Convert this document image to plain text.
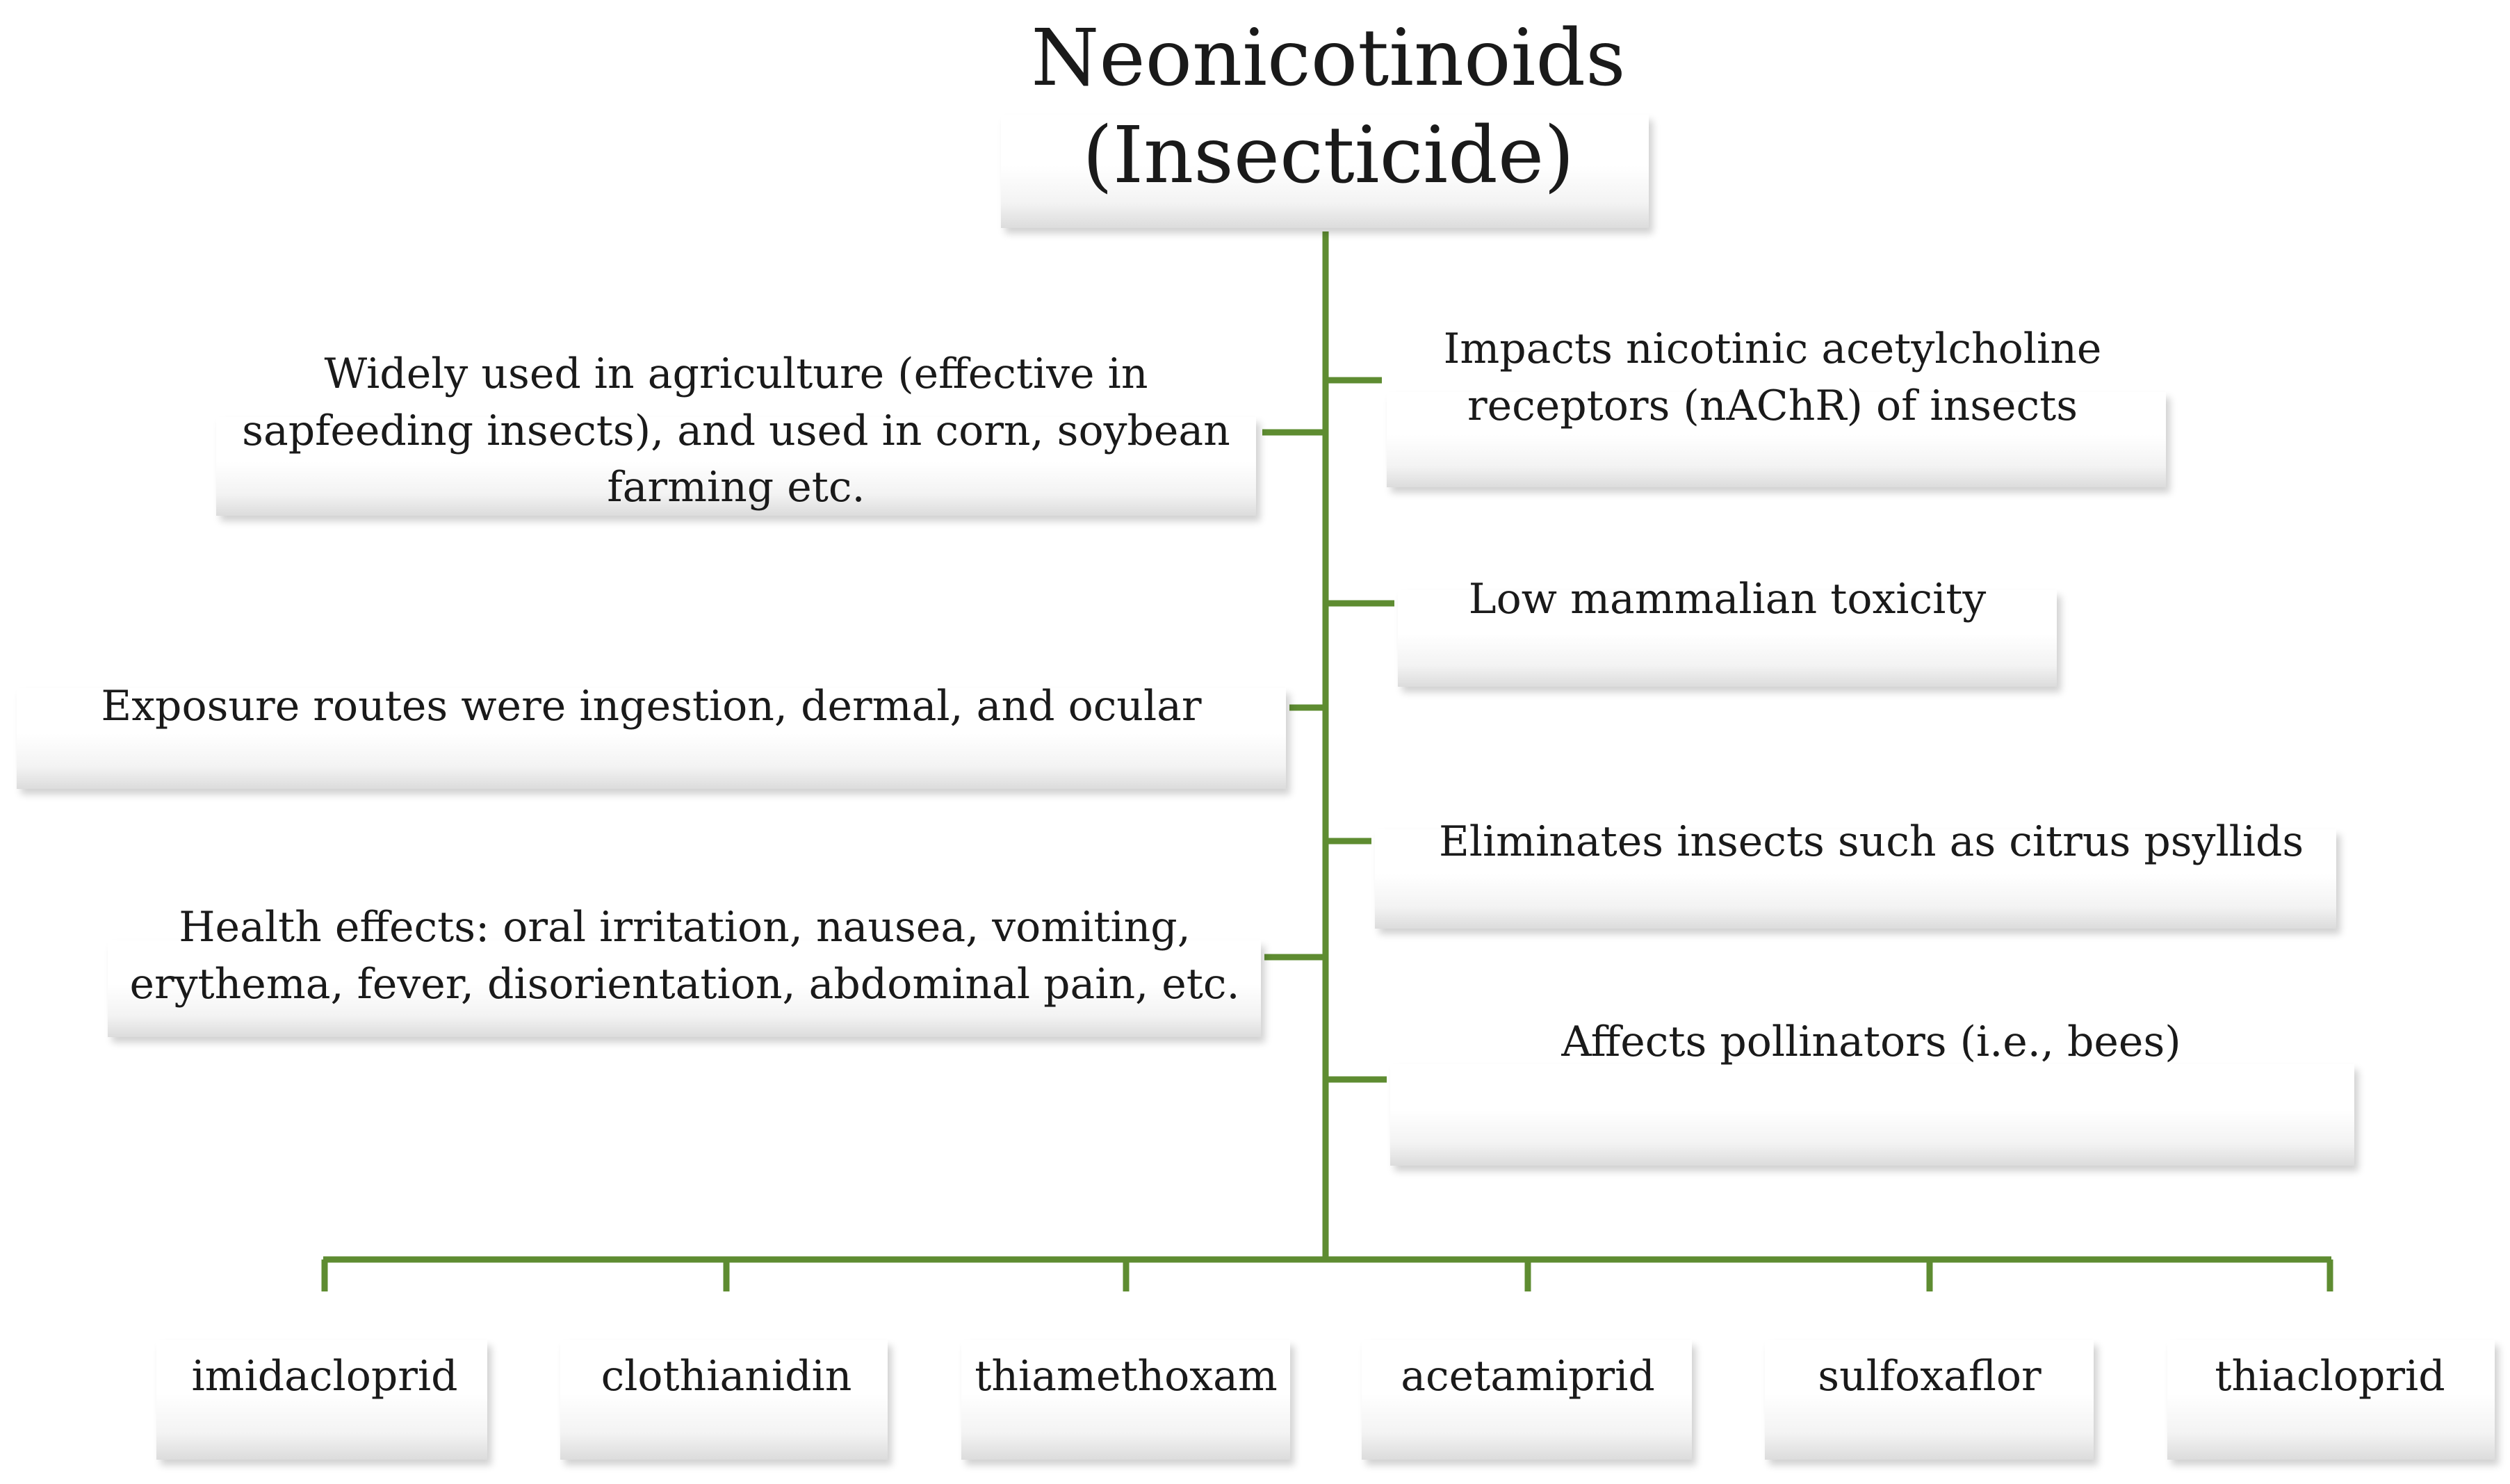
Neonicotinoids
(Insecticide)
Widely used in agriculture (effective in
sapfeeding insects), and used in corn, soybean
farming etc.
Exposure routes were ingestion, dermal, and ocular
Health effects: oral irritation, nausea, vomiting,
erythema, fever, disorientation, abdominal pain, etc.
Impacts nicotinic acetylcholine
receptors (nAChR) of insects
Low mammalian toxicity
Eliminates insects such as citrus psyllids
Affects pollinators (i.e., bees)
imidacloprid	clothianidin	thiamethoxam	acetamiprid	sulfoxaflor	thiacloprid
